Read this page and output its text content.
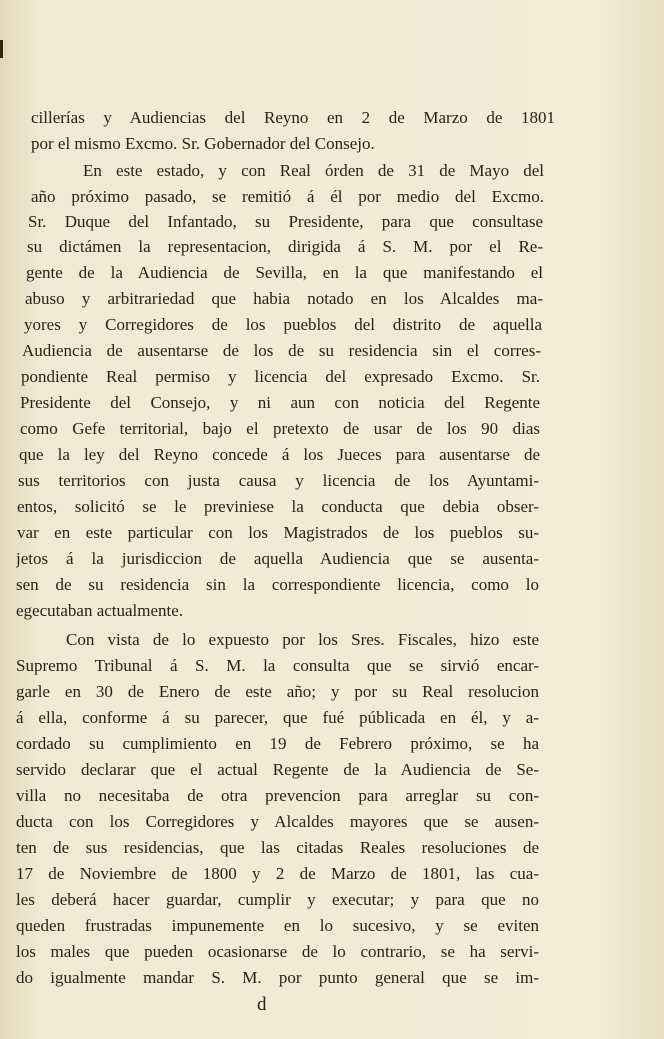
cillerías y Audiencias del Reyno en 2 de Marzo de 1801
por el mismo Excmo. Sr. Gobernador del Consejo.
En este estado, y con Real órden de 31 de Mayo del
año próximo pasado, se remitió á él por medio del Excmo.
Sr. Duque del Infantado, su Presidente, para que consultase
su dictámen la representacion, dirigida á S. M. por el Re-
gente de la Audiencia de Sevilla, en la que manifestando el
abuso y arbitrariedad que habia notado en los Alcaldes ma-
yores y Corregidores de los pueblos del distrito de aquella
Audiencia de ausentarse de los de su residencia sin el corres-
pondiente Real permiso y licencia del expresado Excmo. Sr.
Presidente del Consejo, y ni aun con noticia del Regente
como Gefe territorial, bajo el pretexto de usar de los 90 dias
que la ley del Reyno concede á los Jueces para ausentarse de
sus territorios con justa causa y licencia de los Ayuntami-
entos, solicitó se le previniese la conducta que debia obser-
var en este particular con los Magistrados de los pueblos su-
jetos á la jurisdiccion de aquella Audiencia que se ausenta-
sen de su residencia sin la correspondiente licencia, como lo
egecutaban actualmente.
Con vista de lo expuesto por los Sres. Fiscales, hizo este
Supremo Tribunal á S. M. la consulta que se sirvió encar-
garle en 30 de Enero de este año; y por su Real resolucion
á ella, conforme á su parecer, que fué públicada en él, y a-
cordado su cumplimiento en 19 de Febrero próximo, se ha
servido declarar que el actual Regente de la Audiencia de Se-
villa no necesitaba de otra prevencion para arreglar su con-
ducta con los Corregidores y Alcaldes mayores que se ausen-
ten de sus residencias, que las citadas Reales resoluciones de
17 de Noviembre de 1800 y 2 de Marzo de 1801, las cua-
les deberá hacer guardar, cumplir y executar; y para que no
queden frustradas impunemente en lo sucesivo, y se eviten
los males que pueden ocasionarse de lo contrario, se ha servi-
do igualmente mandar S. M. por punto general que se im-
d
